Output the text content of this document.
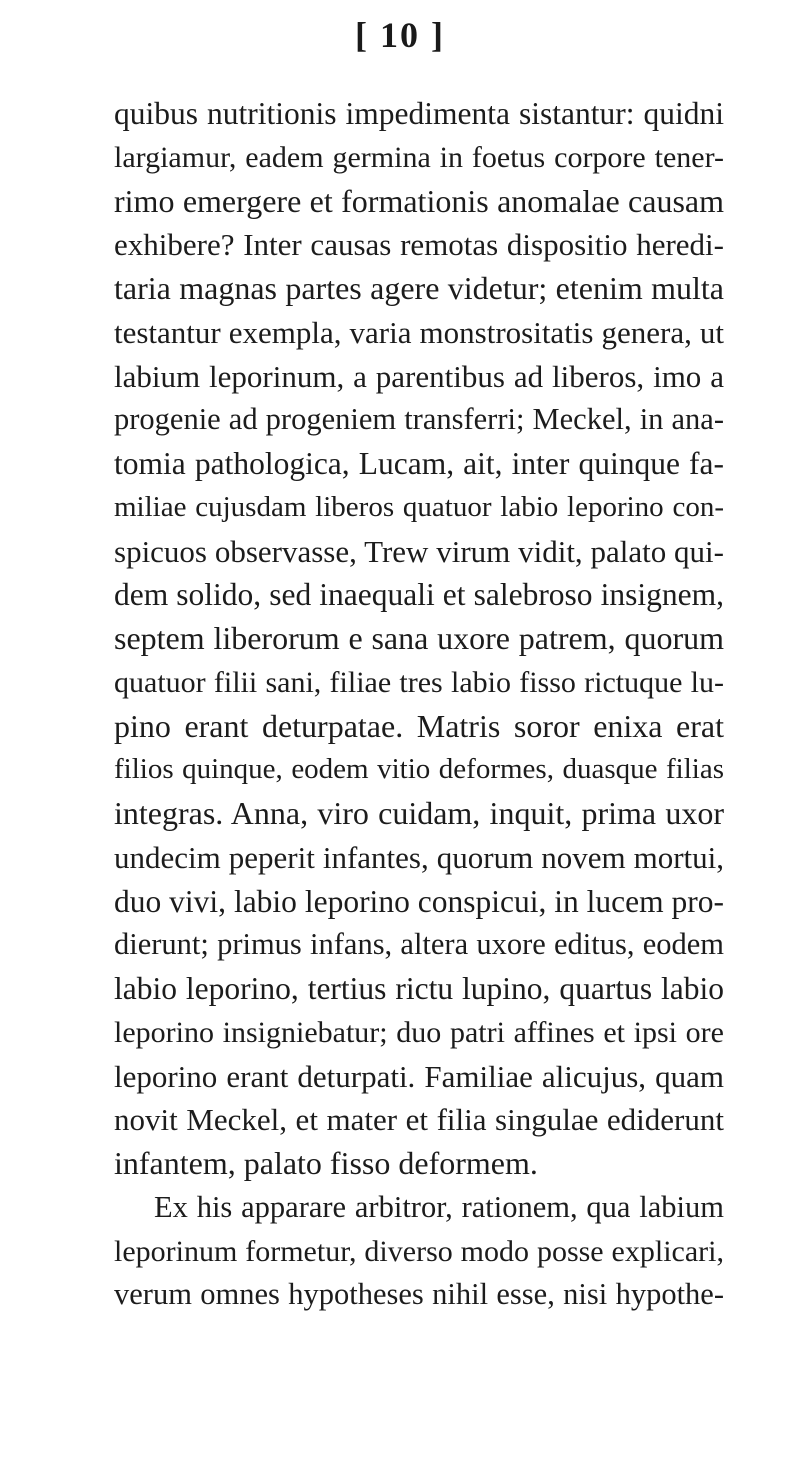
[ 10 ]
quibus nutritionis impedimenta sistantur: quidni
largiamur, eadem germina in foetus corpore tener-
rimo emergere et formationis anomalae causam
exhibere? Inter causas remotas dispositio heredi-
taria magnas partes agere videtur; etenim multa
testantur exempla, varia monstrositatis genera, ut
labium leporinum, a parentibus ad liberos, imo a
progenie ad progeniem transferri; Meckel, in ana-
tomia pathologica, Lucam, ait, inter quinque fa-
miliae cujusdam liberos quatuor labio leporino con-
spicuos observasse, Trew virum vidit, palato qui-
dem solido, sed inaequali et salebroso insignem,
septem liberorum e sana uxore patrem, quorum
quatuor filii sani, filiae tres labio fisso rictuque lu-
pino erant deturpatae. Matris soror enixa erat
filios quinque, eodem vitio deformes, duasque filias
integras. Anna, viro cuidam, inquit, prima uxor
undecim peperit infantes, quorum novem mortui,
duo vivi, labio leporino conspicui, in lucem pro-
dierunt; primus infans, altera uxore editus, eodem
labio leporino, tertius rictu lupino, quartus labio
leporino insigniebatur; duo patri affines et ipsi ore
leporino erant deturpati. Familiae alicujus, quam
novit Meckel, et mater et filia singulae ediderunt
infantem, palato fisso deformem.
Ex his apparare arbitror, rationem, qua labium
leporinum formetur, diverso modo posse explicari,
verum omnes hypotheses nihil esse, nisi hypothe-
